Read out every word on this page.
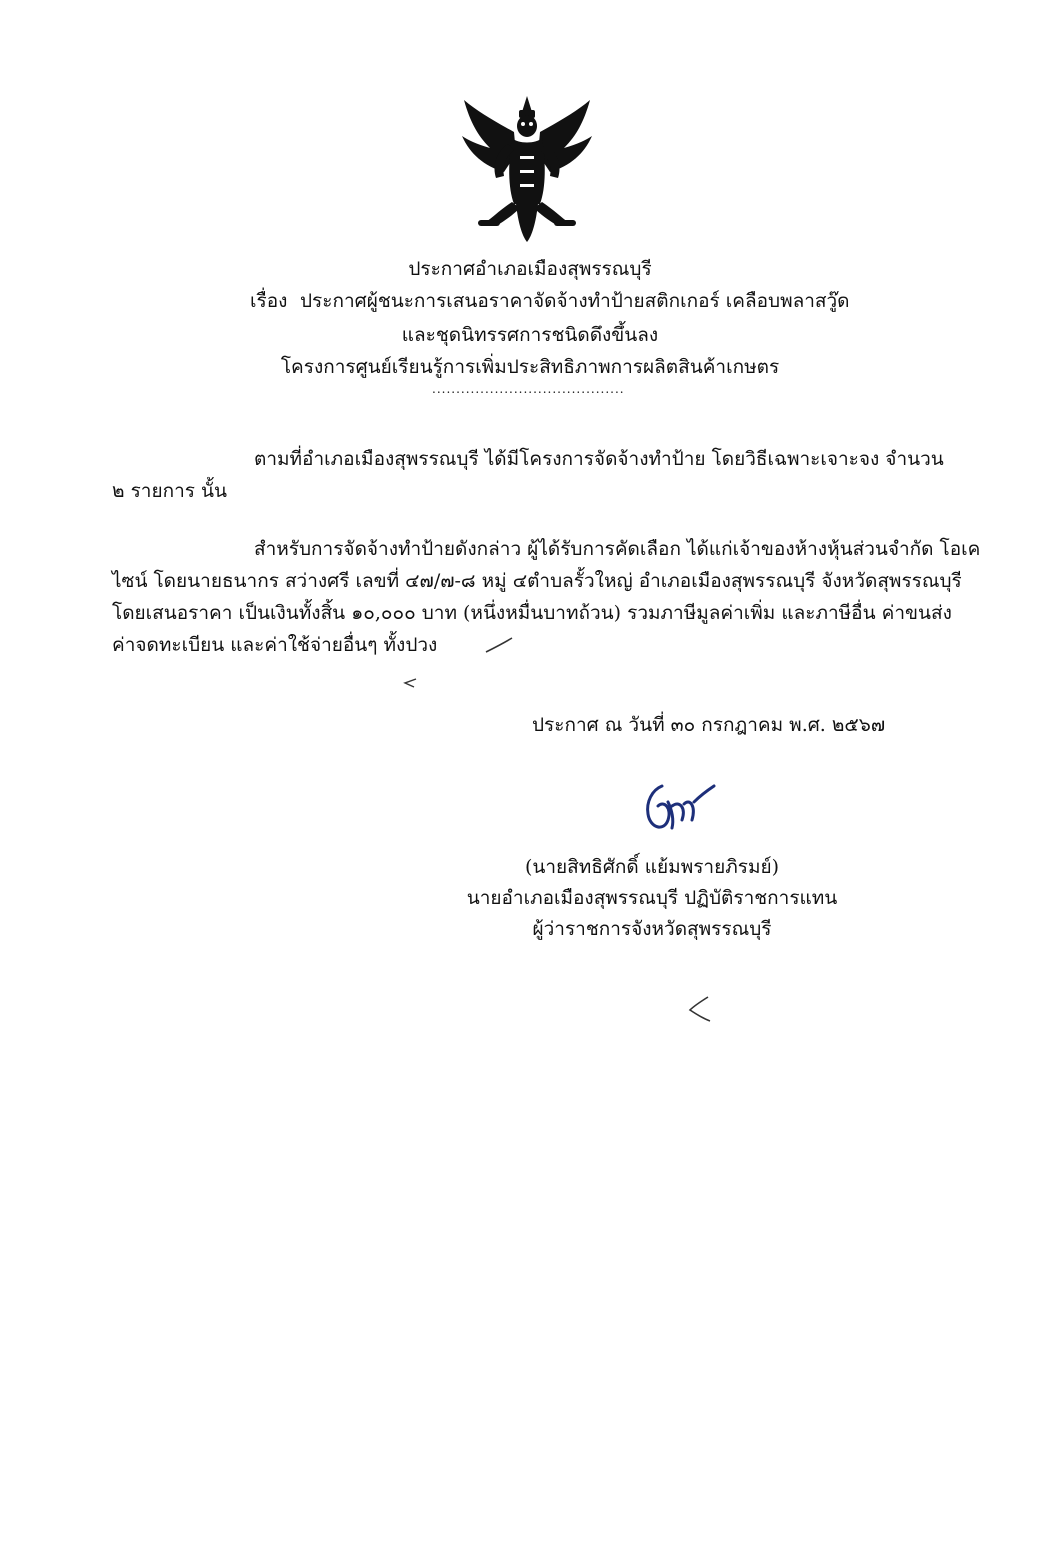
ประกาศอำเภอเมืองสุพรรณบุรี
เรื่อง ประกาศผู้ชนะการเสนอราคาจัดจ้างทำป้ายสติกเกอร์ เคลือบพลาสวู๊ด
และชุดนิทรรศการชนิดดึงขึ้นลง
โครงการศูนย์เรียนรู้การเพิ่มประสิทธิภาพการผลิตสินค้าเกษตร
........................................
ตามที่อำเภอเมืองสุพรรณบุรี ได้มีโครงการจัดจ้างทำป้าย โดยวิธีเฉพาะเจาะจง จำนวน
๒ รายการ นั้น
สำหรับการจัดจ้างทำป้ายดังกล่าว ผู้ได้รับการคัดเลือก ได้แก่เจ้าของห้างหุ้นส่วนจำกัด โอเค
ไซน์ โดยนายธนากร สว่างศรี เลขที่ ๔๗/๗-๘ หมู่ ๔ตำบลรั้วใหญ่ อำเภอเมืองสุพรรณบุรี จังหวัดสุพรรณบุรี
โดยเสนอราคา เป็นเงินทั้งสิ้น ๑๐,๐๐๐ บาท (หนึ่งหมื่นบาทถ้วน) รวมภาษีมูลค่าเพิ่ม และภาษีอื่น ค่าขนส่ง
ค่าจดทะเบียน และค่าใช้จ่ายอื่นๆ ทั้งปวง
ประกาศ ณ วันที่ ๓๐ กรกฎาคม พ.ศ. ๒๕๖๗
(นายสิทธิศักดิ์ แย้มพรายภิรมย์)
นายอำเภอเมืองสุพรรณบุรี ปฏิบัติราชการแทน
ผู้ว่าราชการจังหวัดสุพรรณบุรี
